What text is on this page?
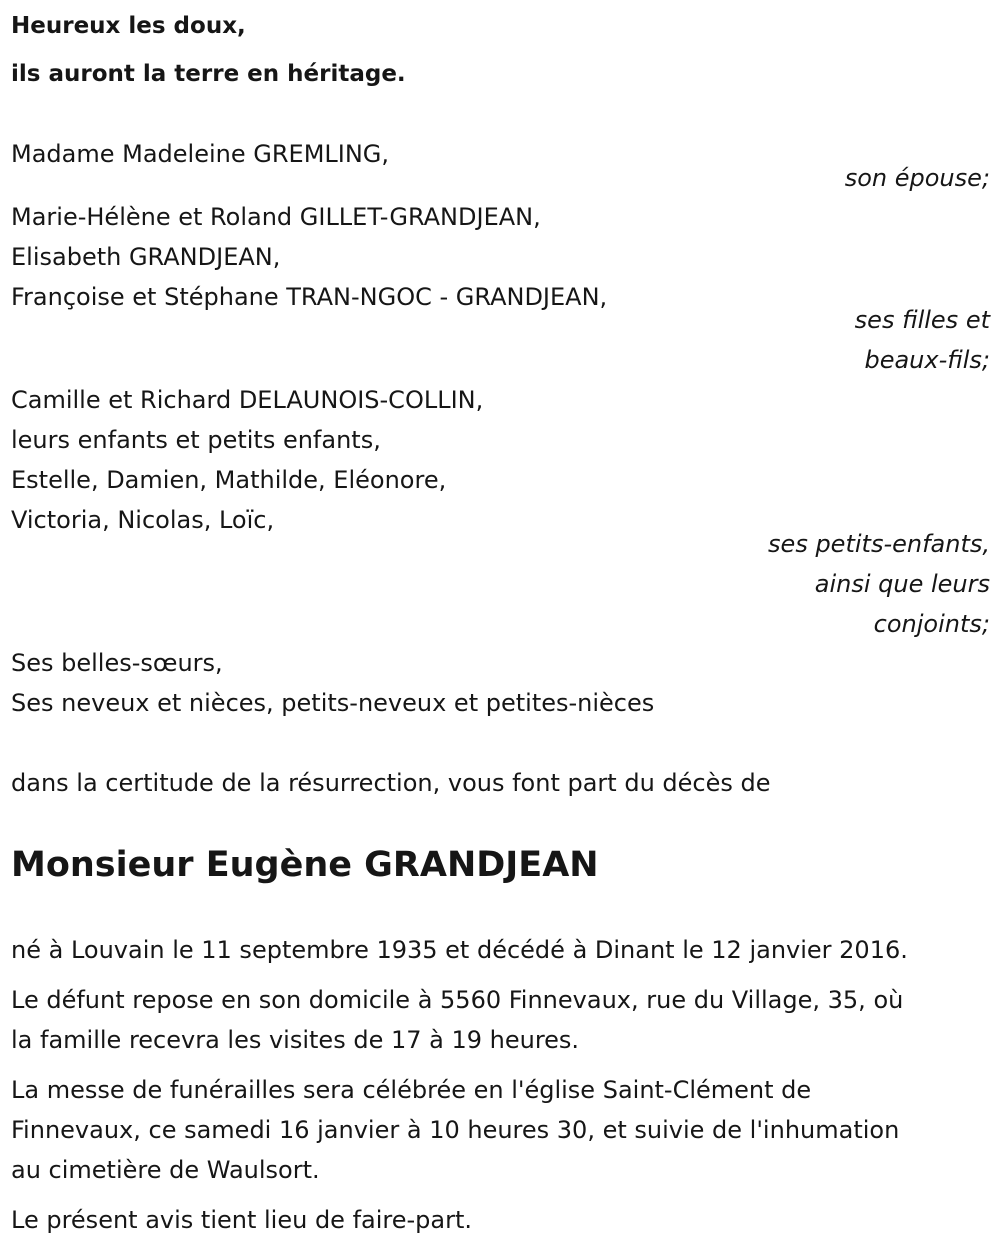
Heureux les doux,
ils auront la terre en héritage.
Madame Madeleine GREMLING,
son épouse;
Marie-Hélène et Roland GILLET-GRANDJEAN,
Elisabeth GRANDJEAN,
Françoise et Stéphane TRAN-NGOC - GRANDJEAN,
ses filles et
beaux-fils;
Camille et Richard DELAUNOIS-COLLIN,
leurs enfants et petits enfants,
Estelle, Damien, Mathilde, Eléonore,
Victoria, Nicolas, Loïc,
ses petits-enfants,
ainsi que leurs
conjoints;
Ses belles-sœurs,
Ses neveux et nièces, petits-neveux et petites-nièces
dans la certitude de la résurrection, vous font part du décès de
Monsieur Eugène GRANDJEAN
né à Louvain le 11 septembre 1935 et décédé à Dinant le 12 janvier 2016.
Le défunt repose en son domicile à 5560 Finnevaux, rue du Village, 35, où
la famille recevra les visites de 17 à 19 heures.
La messe de funérailles sera célébrée en l'église Saint-Clément de
Finnevaux, ce samedi 16 janvier à 10 heures 30, et suivie de l'inhumation
au cimetière de Waulsort.
Le présent avis tient lieu de faire-part.
